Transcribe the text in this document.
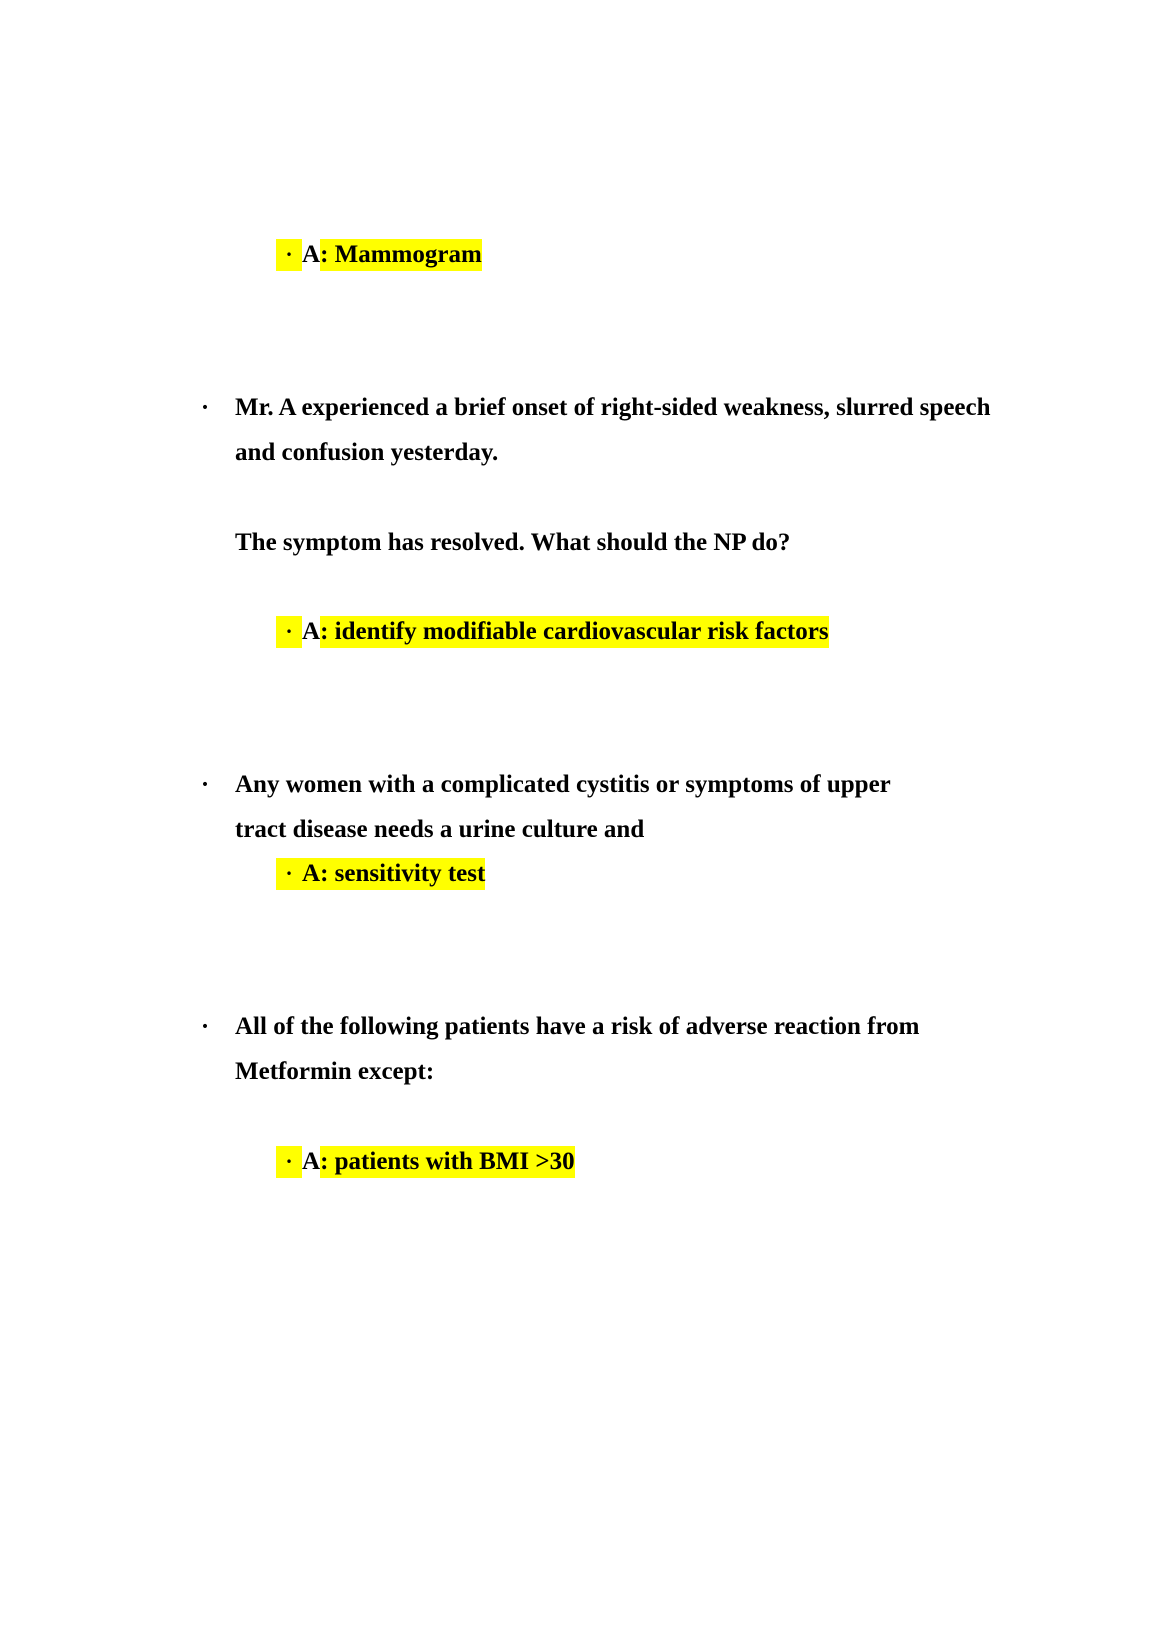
• A : Mammogram
•	Mr. A experienced a brief onset of right-sided weakness, slurred speech
and confusion yesterday.
The symptom has resolved. What should the NP do?
• A : identify modifiable cardiovascular risk factors
•	Any women with a complicated cystitis or symptoms of upper
tract disease needs a urine culture and
• A : sensitivity test
•	All of the following patients have a risk of adverse reaction from
Metformin except:
• A : patients with BMI >30
